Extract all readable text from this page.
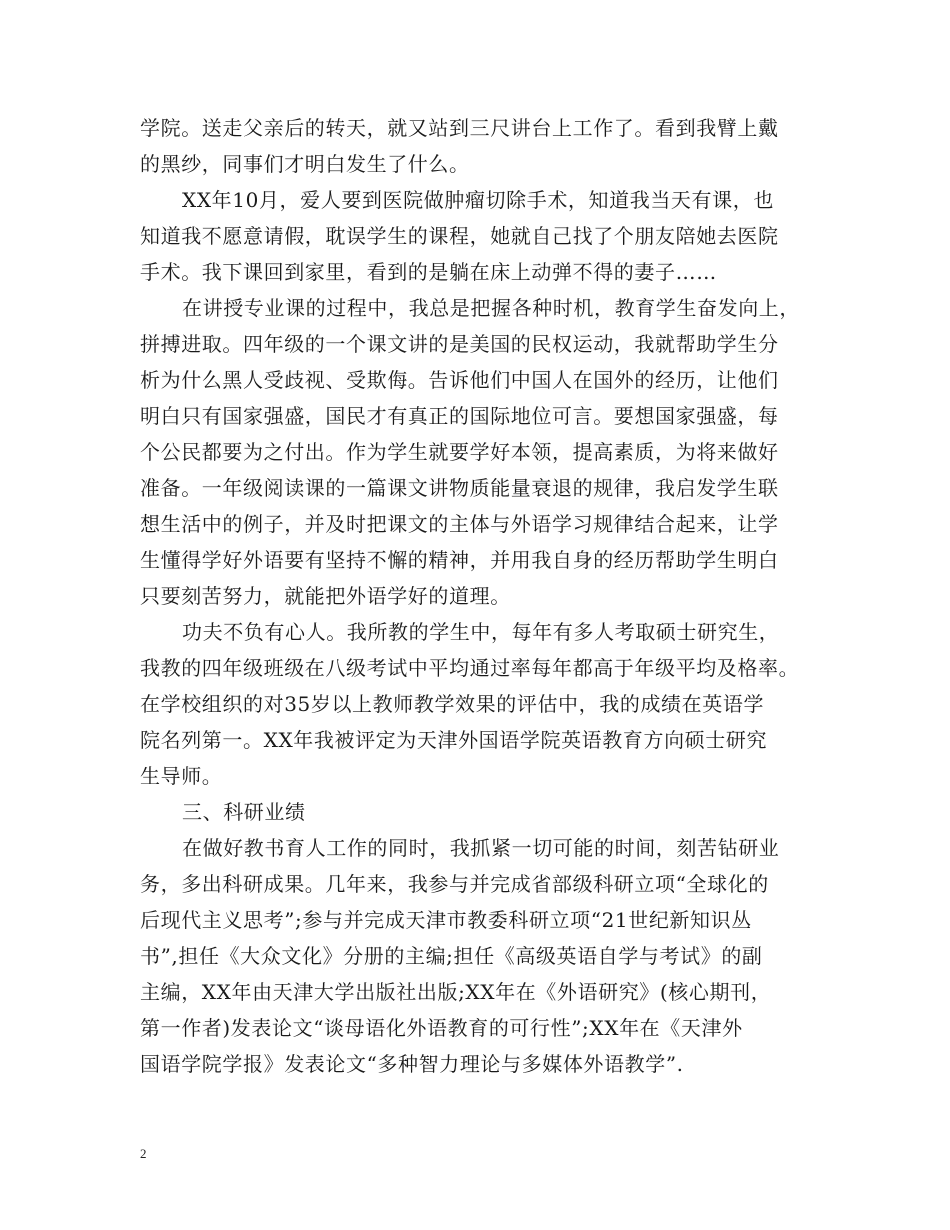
学院。送走父亲后的转天，就又站到三尺讲台上工作了。看到我臂上戴
的黑纱，同事们才明白发生了什么。
XX年10月，爱人要到医院做肿瘤切除手术，知道我当天有课，也
知道我不愿意请假，耽误学生的课程，她就自己找了个朋友陪她去医院
手术。我下课回到家里，看到的是躺在床上动弹不得的妻子……
在讲授专业课的过程中，我总是把握各种时机，教育学生奋发向上，
拼搏进取。四年级的一个课文讲的是美国的民权运动，我就帮助学生分
析为什么黑人受歧视、受欺侮。告诉他们中国人在国外的经历，让他们
明白只有国家强盛，国民才有真正的国际地位可言。要想国家强盛，每
个公民都要为之付出。作为学生就要学好本领，提高素质，为将来做好
准备。一年级阅读课的一篇课文讲物质能量衰退的规律，我启发学生联
想生活中的例子，并及时把课文的主体与外语学习规律结合起来，让学
生懂得学好外语要有坚持不懈的精神，并用我自身的经历帮助学生明白
只要刻苦努力，就能把外语学好的道理。
功夫不负有心人。我所教的学生中，每年有多人考取硕士研究生，
我教的四年级班级在八级考试中平均通过率每年都高于年级平均及格率。
在学校组织的对35岁以上教师教学效果的评估中，我的成绩在英语学
院名列第一。XX年我被评定为天津外国语学院英语教育方向硕士研究
生导师。
三、科研业绩
在做好教书育人工作的同时，我抓紧一切可能的时间，刻苦钻研业
务，多出科研成果。几年来，我参与并完成省部级科研立项“全球化的
后现代主义思考”;参与并完成天津市教委科研立项“21世纪新知识丛
书”,担任《大众文化》分册的主编;担任《高级英语自学与考试》的副
主编，XX年由天津大学出版社出版;XX年在《外语研究》(核心期刊，
第一作者)发表论文“谈母语化外语教育的可行性”;XX年在《天津外
国语学院学报》发表论文“多种智力理论与多媒体外语教学”.
2
